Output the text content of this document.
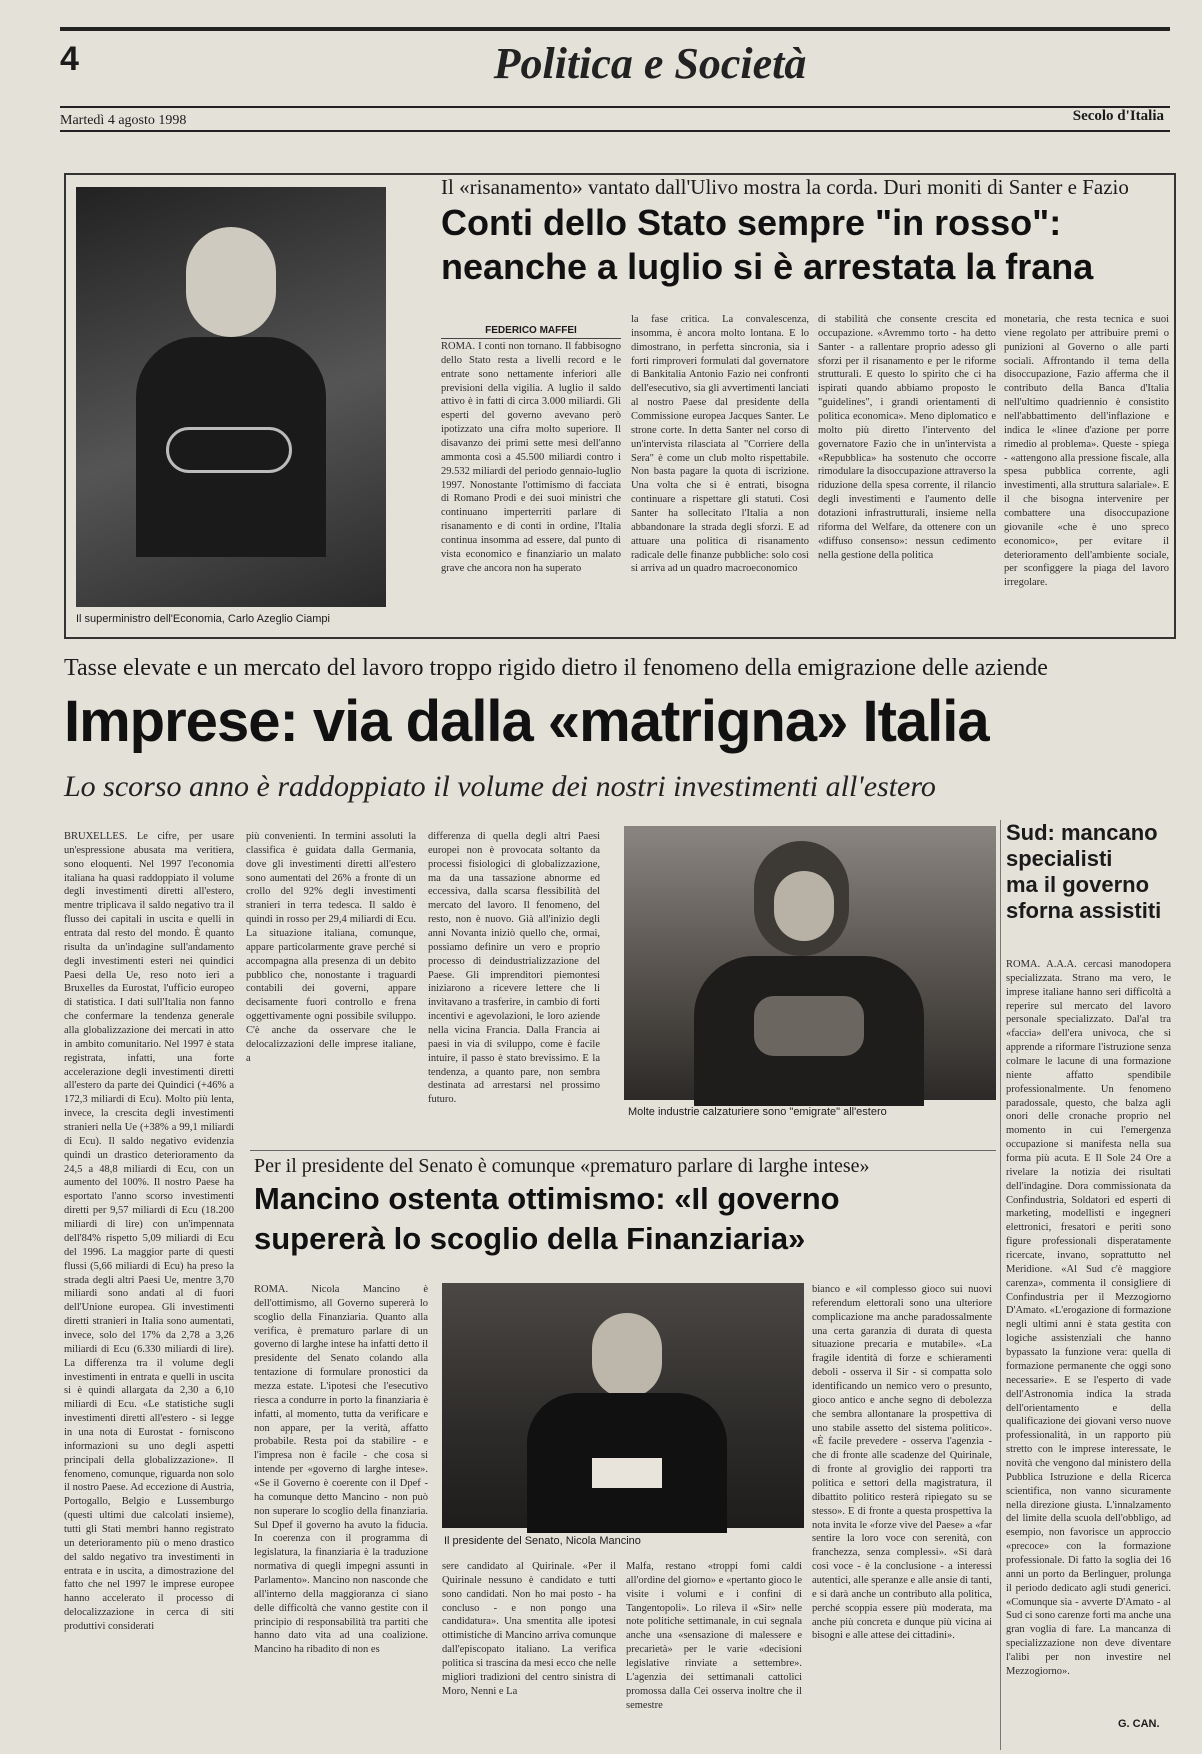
4	Politica e Società
Martedì 4 agosto 1998	Secolo d'Italia
Il superministro dell'Economia, Carlo Azeglio Ciampi
Il «risanamento» vantato dall'Ulivo mostra la corda. Duri moniti di Santer e Fazio
Conti dello Stato sempre "in rosso":
neanche a luglio si è arrestata la frana
FEDERICO MAFFEI
ROMA. I conti non tornano. Il fabbisogno dello Stato resta a livelli record e le entrate sono nettamente inferiori alle previsioni della vigilia. A luglio il saldo attivo è in fatti di circa 3.000 miliardi. Gli esperti del governo avevano però ipotizzato una cifra molto superiore. Il disavanzo dei primi sette mesi dell'anno ammonta così a 45.500 miliardi contro i 29.532 miliardi del periodo gennaio-luglio 1997. Nonostante l'ottimismo di facciata di Romano Prodi e dei suoi ministri che continuano imperterriti parlare di risanamento e di conti in ordine, l'Italia continua insomma ad essere, dal punto di vista economico e finanziario un malato grave che ancora non ha superato
la fase critica. La convalescenza, insomma, è ancora molto lontana. E lo dimostrano, in perfetta sincronia, sia i forti rimproveri formulati dal governatore di Bankitalia Antonio Fazio nei confronti dell'esecutivo, sia gli avvertimenti lanciati al nostro Paese dal presidente della Commissione europea Jacques Santer. Le strone corte. In detta Santer nel corso di un'intervista rilasciata al "Corriere della Sera" è come un club molto rispettabile. Non basta pagare la quota di iscrizione. Una volta che si è entrati, bisogna continuare a rispettare gli statuti. Così Santer ha sollecitato l'Italia a non abbandonare la strada degli sforzi. E ad attuare una politica di risanamento radicale delle finanze pubbliche: solo così si arriva ad un quadro macroeconomico
di stabilità che consente crescita ed occupazione. «Avremmo torto - ha detto Santer - a rallentare proprio adesso gli sforzi per il risanamento e per le riforme strutturali. E questo lo spirito che ci ha ispirati quando abbiamo proposto le "guidelines", i grandi orientamenti di politica economica». Meno diplomatico e molto più diretto l'intervento del governatore Fazio che in un'intervista a «Repubblica» ha sostenuto che occorre rimodulare la disoccupazione attraverso la riduzione della spesa corrente, il rilancio degli investimenti e l'aumento delle dotazioni infrastrutturali, insieme nella riforma del Welfare, da ottenere con un «diffuso consenso»: nessun cedimento nella gestione della politica
monetaria, che resta tecnica e suoi viene regolato per attribuire premi o punizioni al Governo o alle parti sociali. Affrontando il tema della disoccupazione, Fazio afferma che il contributo della Banca d'Italia nell'ultimo quadriennio è consistito nell'abbattimento dell'inflazione e indica le «linee d'azione per porre rimedio al problema». Queste - spiega - «attengono alla pressione fiscale, alla spesa pubblica corrente, agli investimenti, alla struttura salariale». E il che bisogna intervenire per combattere una disoccupazione giovanile «che è uno spreco economico», per evitare il deterioramento dell'ambiente sociale, per sconfiggere la piaga del lavoro irregolare.
Tasse elevate e un mercato del lavoro troppo rigido dietro il fenomeno della emigrazione delle aziende
Imprese: via dalla «matrigna» Italia
Lo scorso anno è raddoppiato il volume dei nostri investimenti all'estero
BRUXELLES. Le cifre, per usare un'espressione abusata ma veritiera, sono eloquenti. Nel 1997 l'economia italiana ha quasi raddoppiato il volume degli investimenti diretti all'estero, mentre triplicava il saldo negativo tra il flusso dei capitali in uscita e quelli in entrata dal resto del mondo. È quanto risulta da un'indagine sull'andamento degli investimenti esteri nei quindici Paesi della Ue, reso noto ieri a Bruxelles da Eurostat, l'ufficio europeo di statistica. I dati sull'Italia non fanno che confermare la tendenza generale alla globalizzazione dei mercati in atto in ambito comunitario. Nel 1997 è stata registrata, infatti, una forte accelerazione degli investimenti diretti all'estero da parte dei Quindici (+46% a 172,3 miliardi di Ecu). Molto più lenta, invece, la crescita degli investimenti stranieri nella Ue (+38% a 99,1 miliardi di Ecu). Il saldo negativo evidenzia quindi un drastico deterioramento da 24,5 a 48,8 miliardi di Ecu, con un aumento del 100%. Il nostro Paese ha esportato l'anno scorso investimenti diretti per 9,57 miliardi di Ecu (18.200 miliardi di lire) con un'impennata dell'84% rispetto 5,09 miliardi di Ecu del 1996. La maggior parte di questi flussi (5,66 miliardi di Ecu) ha preso la strada degli altri Paesi Ue, mentre 3,70 miliardi sono andati al di fuori dell'Unione europea. Gli investimenti diretti stranieri in Italia sono aumentati, invece, solo del 17% da 2,78 a 3,26 miliardi di Ecu (6.330 miliardi di lire). La differenza tra il volume degli investimenti in entrata e quelli in uscita si è quindi allargata da 2,30 a 6,10 miliardi di Ecu. «Le statistiche sugli investimenti diretti all'estero - si legge in una nota di Eurostat - forniscono informazioni su uno degli aspetti principali della globalizzazione». Il fenomeno, comunque, riguarda non solo il nostro Paese. Ad eccezione di Austria, Portogallo, Belgio e Lussemburgo (questi ultimi due calcolati insieme), tutti gli Stati membri hanno registrato un deterioramento più o meno drastico del saldo negativo tra investimenti in entrata e in uscita, a dimostrazione del fatto che nel 1997 le imprese europee hanno accelerato il processo di delocalizzazione in cerca di siti produttivi considerati
più convenienti. In termini assoluti la classifica è guidata dalla Germania, dove gli investimenti diretti all'estero sono aumentati del 26% a fronte di un crollo del 92% degli investimenti stranieri in terra tedesca. Il saldo è quindi in rosso per 29,4 miliardi di Ecu. La situazione italiana, comunque, appare particolarmente grave perché si accompagna alla presenza di un debito pubblico che, nonostante i traguardi contabili dei governi, appare decisamente fuori controllo e frena oggettivamente ogni possibile sviluppo. C'è anche da osservare che le delocalizzazioni delle imprese italiane, a
differenza di quella degli altri Paesi europei non è provocata soltanto da processi fisiologici di globalizzazione, ma da una tassazione abnorme ed eccessiva, dalla scarsa flessibilità del mercato del lavoro. Il fenomeno, del resto, non è nuovo. Già all'inizio degli anni Novanta iniziò quello che, ormai, possiamo definire un vero e proprio processo di deindustrializzazione del Paese. Gli imprenditori piemontesi iniziarono a ricevere lettere che li invitavano a trasferire, in cambio di forti incentivi e agevolazioni, le loro aziende nella vicina Francia. Dalla Francia ai paesi in via di sviluppo, come è facile intuire, il passo è stato brevissimo. E la tendenza, a quanto pare, non sembra destinata ad arrestarsi nel prossimo futuro.
Molte industrie calzaturiere sono "emigrate" all'estero
Sud: mancano
specialisti
ma il governo
sforna assistiti
ROMA. A.A.A. cercasi manodopera specializzata. Strano ma vero, le imprese italiane hanno seri difficoltà a reperire sul mercato del lavoro personale specializzato. Dal'al tra «faccia» dell'era univoca, che si apprende a riformare l'istruzione senza colmare le lacune di una formazione niente affatto spendibile professionalmente. Un fenomeno paradossale, questo, che balza agli onori delle cronache proprio nel momento in cui l'emergenza occupazione si manifesta nella sua forma più acuta. E Il Sole 24 Ore a rivelare la notizia dei risultati dell'indagine. Dora commissionata da Confindustria, Soldatori ed esperti di marketing, modellisti e ingegneri elettronici, fresatori e periti sono figure professionali disperatamente ricercate, invano, soprattutto nel Meridione. «Al Sud c'è maggiore carenza», commenta il consigliere di Confindustria per il Mezzogiorno D'Amato. «L'erogazione di formazione negli ultimi anni è stata gestita con logiche assistenziali che hanno bypassato la funzione vera: quella di formazione permanente che oggi sono necessarie». E se l'esperto di vade dell'Astronomia indica la strada dell'orientamento e della qualificazione dei giovani verso nuove professionalità, in un rapporto più stretto con le imprese interessate, le novità che vengono dal ministero della Pubblica Istruzione e della Ricerca scientifica, non vanno sicuramente nella direzione giusta. L'innalzamento del limite della scuola dell'obbligo, ad esempio, non favorisce un approccio «precoce» con la formazione professionale. Di fatto la soglia dei 16 anni un porto da Berlinguer, prolunga il periodo dedicato agli studi generici. «Comunque sia - avverte D'Amato - al Sud ci sono carenze forti ma anche una gran voglia di fare. La mancanza di specializzazione non deve diventare l'alibi per non investire nel Mezzogiorno».
G. CAN.
Per il presidente del Senato è comunque «prematuro parlare di larghe intese»
Mancino ostenta ottimismo: «Il governo
supererà lo scoglio della Finanziaria»
ROMA. Nicola Mancino è dell'ottimismo, all Governo supererà lo scoglio della Finanziaria. Quanto alla verifica, è prematuro parlare di un governo di larghe intese ha infatti detto il presidente del Senato colando alla tentazione di formulare pronostici da mezza estate. L'ipotesi che l'esecutivo riesca a condurre in porto la finanziaria è infatti, al momento, tutta da verificare e non appare, per la verità, affatto probabile. Resta poi da stabilire - e l'impresa non è facile - che cosa si intende per «governo di larghe intese». «Se il Governo è coerente con il Dpef - ha comunque detto Mancino - non può non superare lo scoglio della finanziaria. Sul Dpef il governo ha avuto la fiducia. In coerenza con il programma di legislatura, la finanziaria è la traduzione normativa di quegli impegni assunti in Parlamento». Mancino non nasconde che all'interno della maggioranza ci siano delle difficoltà che vanno gestite con il principio di responsabilità tra partiti che hanno dato vita ad una coalizione. Mancino ha ribadito di non es
Il presidente del Senato, Nicola Mancino
sere candidato al Quirinale. «Per il Quirinale nessuno è candidato e tutti sono candidati. Non ho mai posto - ha concluso - e non pongo una candidatura». Una smentita alle ipotesi ottimistiche di Mancino arriva comunque dall'episcopato italiano. La verifica politica si trascina da mesi ecco che nelle migliori tradizioni del centro sinistra di Moro, Nenni e La
Malfa, restano «troppi fomi caldi all'ordine del giorno» e «pertanto gioco le visite i volumi e i confini di Tangentopoli». Lo rileva il «Sir» nelle note politiche settimanale, in cui segnala anche una «sensazione di malessere e precarietà» per le varie «decisioni legislative rinviate a settembre». L'agenzia dei settimanali cattolici promossa dalla Cei osserva inoltre che il semestre
bianco e «il complesso gioco sui nuovi referendum elettorali sono una ulteriore complicazione ma anche paradossalmente una certa garanzia di durata di questa situazione precaria e mutabile». «La fragile identità di forze e schieramenti deboli - osserva il Sir - si compatta solo identificando un nemico vero o presunto, gioco antico e anche segno di debolezza che sembra allontanare la prospettiva di uno stabile assetto del sistema politico». «È facile prevedere - osserva l'agenzia - che di fronte alle scadenze del Quirinale, di fronte al groviglio dei rapporti tra politica e settori della magistratura, il dibattito politico resterà ripiegato su se stesso». E di fronte a questa prospettiva la nota invita le «forze vive del Paese» a «far sentire la loro voce con serenità, con franchezza, senza complessi». «Si darà così voce - è la conclusione - a interessi autentici, alle speranze e alle ansie di tanti, e si darà anche un contributo alla politica, perché scoppia essere più moderata, ma anche più concreta e dunque più vicina ai bisogni e alle attese dei cittadini».
